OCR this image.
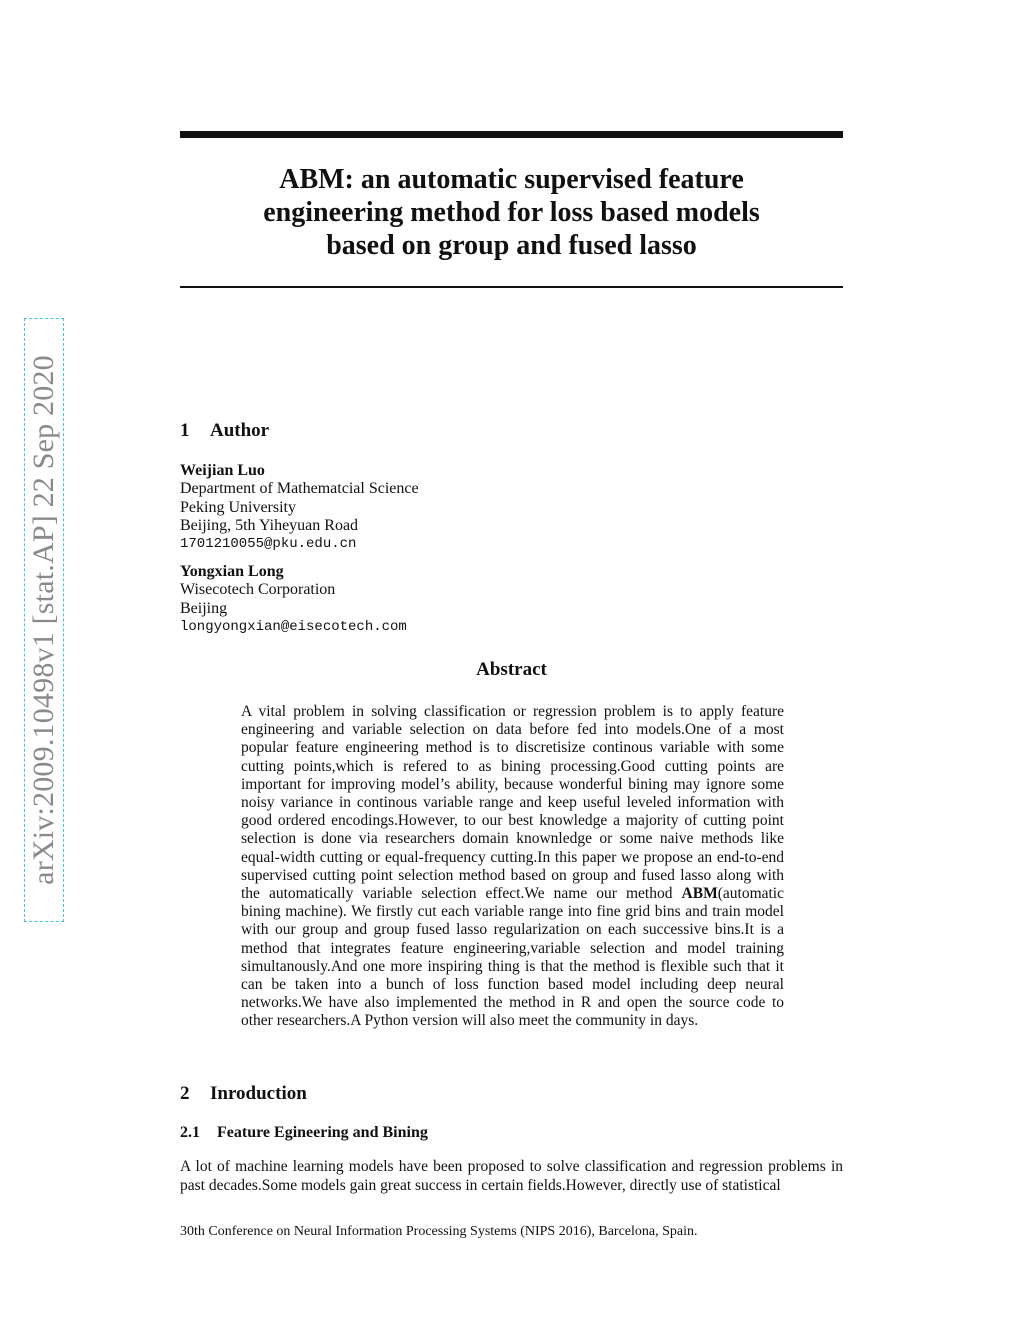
ABM: an automatic supervised feature
engineering method for loss based models
based on group and fused lasso
arXiv:2009.10498v1 [stat.AP] 22 Sep 2020	1 Author
Weijian Luo
Department of Mathematcial Science
Peking University
Beijing, 5th Yiheyuan Road
1701210055@pku.edu.cn
Yongxian Long
Wisecotech Corporation
Beijing
longyongxian@eisecotech.com
Abstract

A vital problem in solving classification or regression problem is to apply feature engineering and variable selection on data before fed into models.One of a most popular feature engineering method is to discretisize continous variable with some cutting points,which is refered to as bining processing.Good cutting points are important for improving model’s ability, because wonderful bining may ignore some noisy variance in continous variable range and keep useful leveled information with good ordered encodings.However, to our best knowledge a majority of cutting point selection is done via researchers domain knownledge or some naive methods like equal-width cutting or equal-frequency cutting.In this paper we propose an end-to-end supervised cutting point selection method based on group and fused lasso along with the automatically variable selection effect.We name our method ABM(automatic bining machine). We firstly cut each variable range into fine grid bins and train model with our group and group fused lasso regularization on each successive bins.It is a method that integrates feature engineering,variable selection and model training simultanously.And one more inspiring thing is that the method is flexible such that it can be taken into a bunch of loss function based model including deep neural networks.We have also implemented the method in R and open the source code to other researchers.A Python version will also meet the community in days.

2 Inroduction
2.1 Feature Egineering and Bining

A lot of machine learning models have been proposed to solve classification and regression problems in past decades.Some models gain great success in certain fields.However, directly use of statistical

30th Conference on Neural Information Processing Systems (NIPS 2016), Barcelona, Spain.
